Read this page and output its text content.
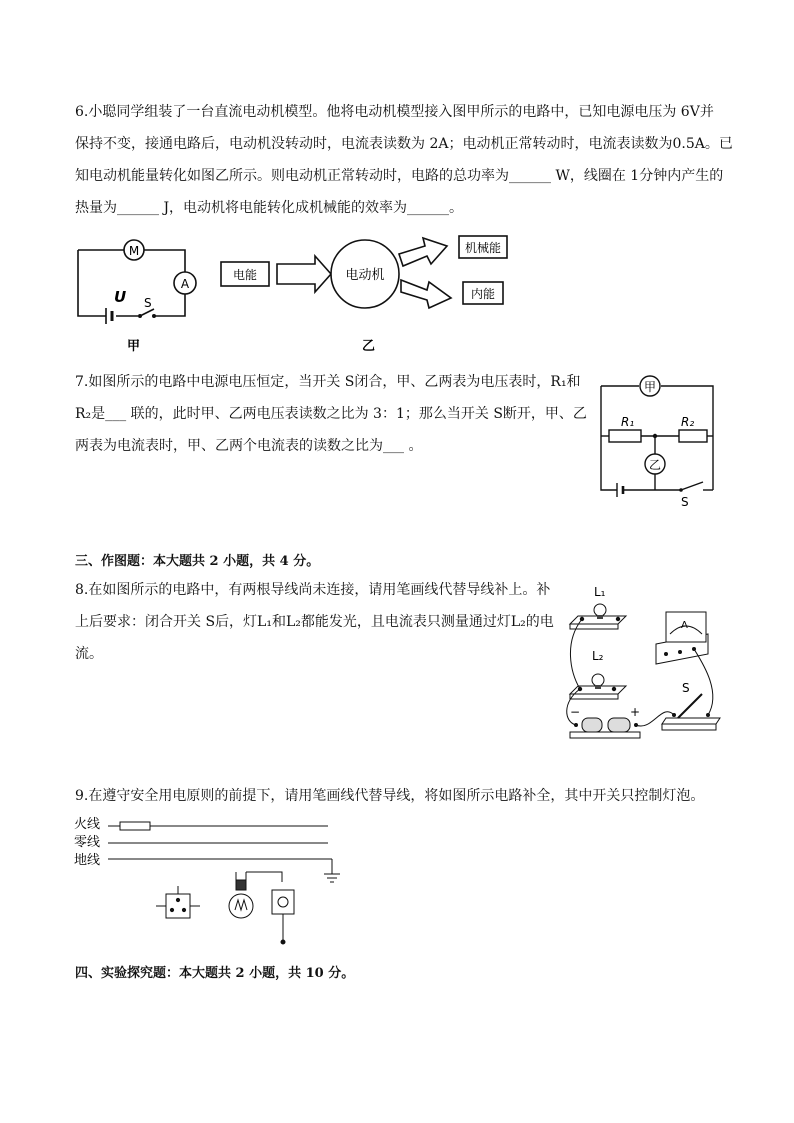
6.小聪同学组装了一台直流电动机模型。他将电动机模型接入图甲所示的电路中，已知电源电压为 6V并
保持不变，接通电路后，电动机没转动时，电流表读数为 2A；电动机正常转动时，电流表读数为0.5A。已
知电动机能量转化如图乙所示。则电动机正常转动时，电路的总功率为______ W，线圈在 1分钟内产生的
热量为______ J，电动机将电能转化成机械能的效率为______。
M
A
U S
甲
电能	电动机
机械能
内能
乙
7.如图所示的电路中电源电压恒定，当开关 S闭合，甲、乙两表为电压表时，R₁和
R₂是___ 联的，此时甲、乙两电压表读数之比为 3：1；那么当开关 S断开，甲、乙
两表为电流表时，甲、乙两个电流表的读数之比为___ 。
甲
乙
R₁	R₂
S
三、作图题：本大题共 2 小题，共 4 分。
8.在如图所示的电路中，有两根导线尚未连接，请用笔画线代替导线补上。补
上后要求：闭合开关 S后，灯L₁和L₂都能发光，且电流表只测量通过灯L₂的电
流。
L₁
L₂
A
−	+
S
9.在遵守安全用电原则的前提下，请用笔画线代替导线，将如图所示电路补全，其中开关只控制灯泡。
火线
零线
地线
四、实验探究题：本大题共 2 小题，共 10 分。
